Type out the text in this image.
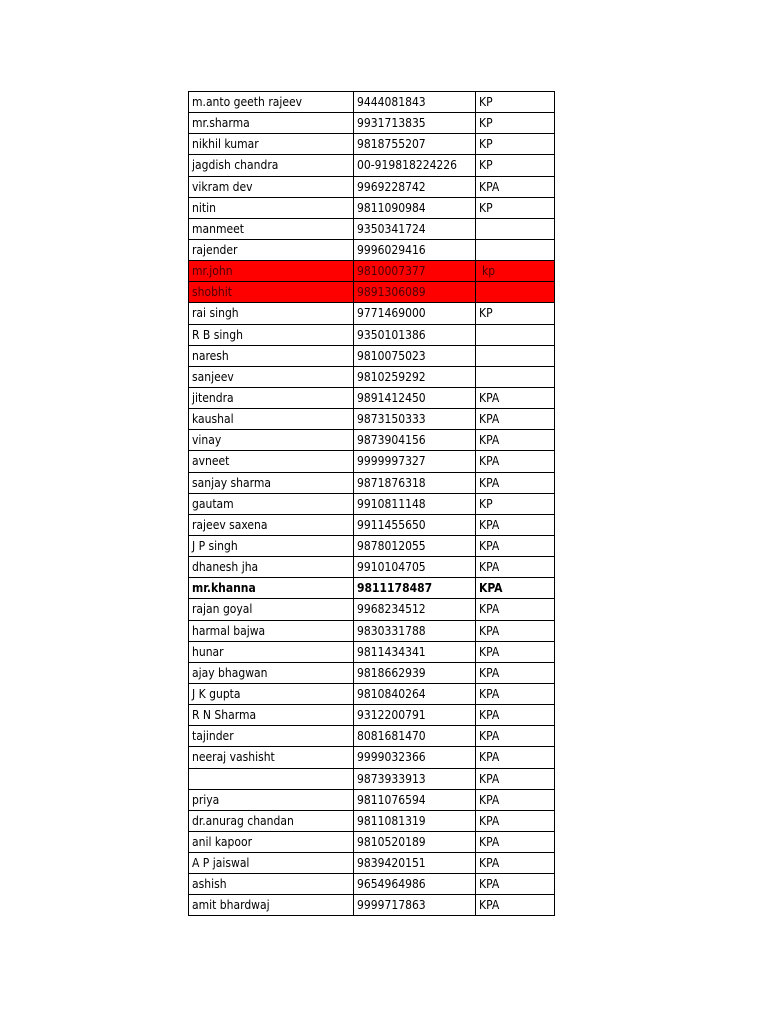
m.anto geeth rajeev	9444081843	KP
mr.sharma	9931713835	KP
nikhil kumar	9818755207	KP
jagdish chandra	00-919818224226	KP
vikram dev	9969228742	KPA
nitin	9811090984	KP
manmeet	9350341724	
rajender	9996029416	
mr.john	9810007377	kp
shobhit	9891306089	
rai singh	9771469000	KP
R B singh	9350101386	
naresh	9810075023	
sanjeev	9810259292	
jitendra	9891412450	KPA
kaushal	9873150333	KPA
vinay	9873904156	KPA
avneet	9999997327	KPA
sanjay sharma	9871876318	KPA
gautam	9910811148	KP
rajeev saxena	9911455650	KPA
J P singh	9878012055	KPA
dhanesh jha	9910104705	KPA
mr.khanna	9811178487	KPA
rajan goyal	9968234512	KPA
harmal bajwa	9830331788	KPA
hunar	9811434341	KPA
ajay bhagwan	9818662939	KPA
J K gupta	9810840264	KPA
R N Sharma	9312200791	KPA
tajinder	8081681470	KPA
neeraj vashisht	9999032366	KPA
	9873933913	KPA
priya	9811076594	KPA
dr.anurag chandan	9811081319	KPA
anil kapoor	9810520189	KPA
A P jaiswal	9839420151	KPA
ashish	9654964986	KPA
amit bhardwaj	9999717863	KPA
